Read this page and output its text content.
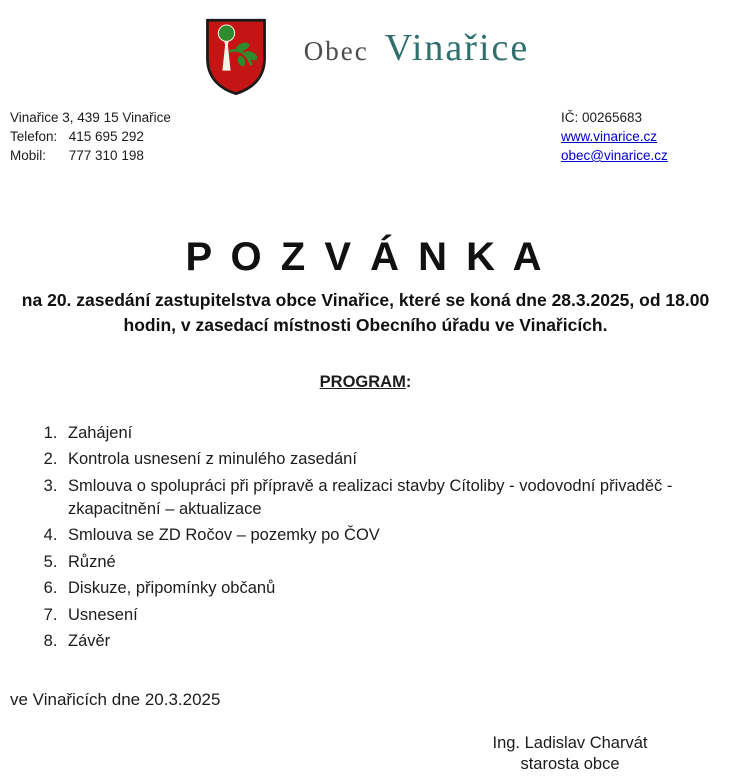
Obec Vinařice
Vinařice 3, 439 15 Vinařice
Telefon: 415 695 292
Mobil: 777 310 198
IČ: 00265683
www.vinarice.cz
obec@vinarice.cz
P O Z V Á N K A
na 20. zasedání zastupitelstva obce Vinařice, které se koná dne 28.3.2025, od 18.00 hodin, v zasedací místnosti Obecního úřadu ve Vinařicích.
PROGRAM:
1. Zahájení
2. Kontrola usnesení z minulého zasedání
3. Smlouva o spolupráci při přípravě a realizaci stavby Cítoliby - vodovodní přivaděč - zkapacitnění – aktualizace
4. Smlouva se ZD Ročov – pozemky po ČOV
5. Různé
6. Diskuze, připomínky občanů
7. Usnesení
8. Závěr
ve Vinařicích dne 20.3.2025
Ing. Ladislav Charvát
starosta obce
